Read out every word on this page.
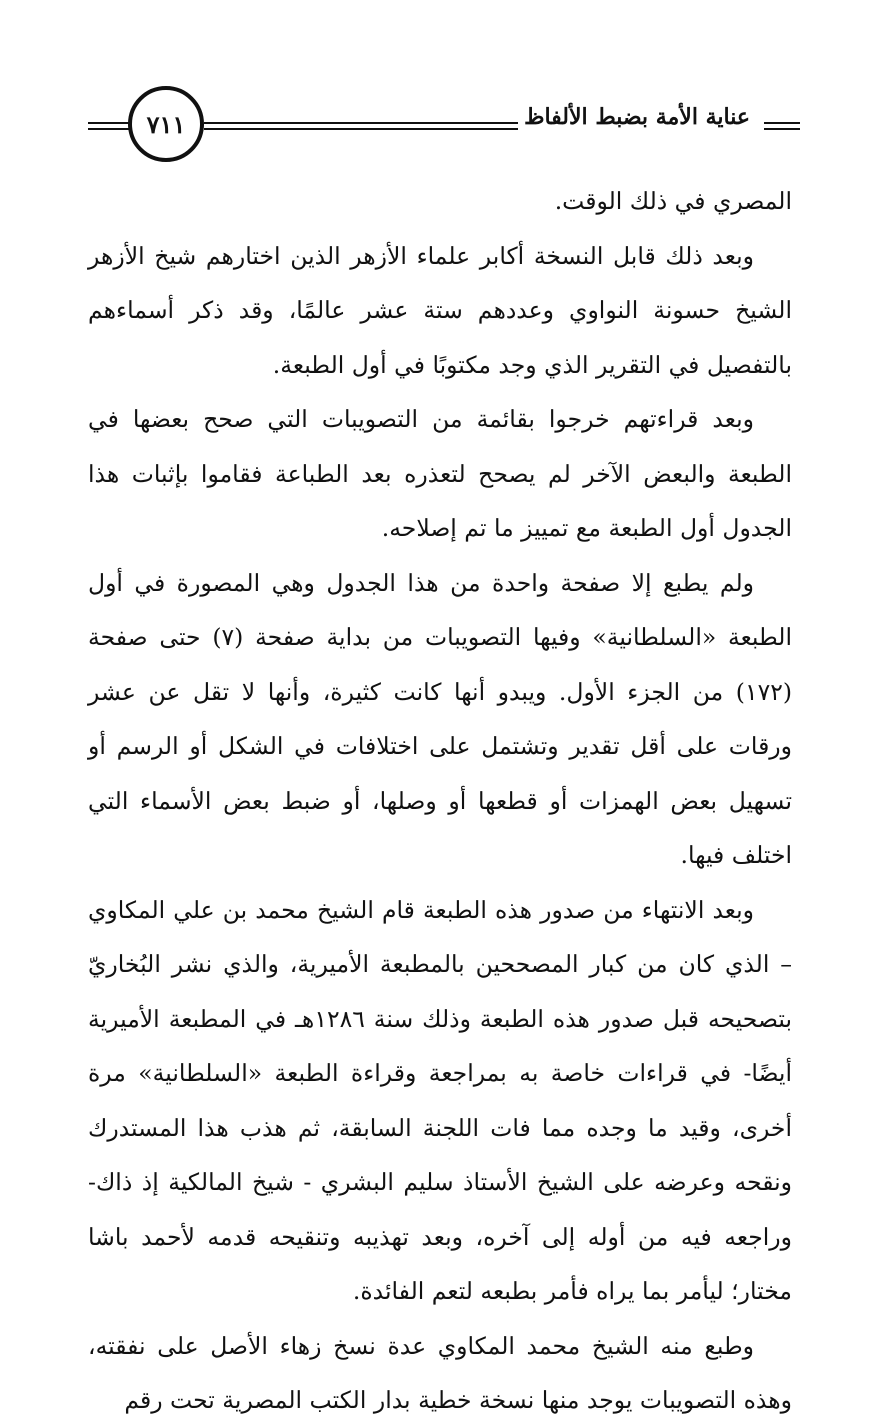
٧١١	عناية الأمة بضبط الألفاظ

المصري في ذلك الوقت.

وبعد ذلك قابل النسخة أكابر علماء الأزهر الذين اختارهم شيخ الأزهر الشيخ حسونة النواوي وعددهم ستة عشر عالمًا، وقد ذكر أسماءهم بالتفصيل في التقرير الذي وجد مكتوبًا في أول الطبعة.

وبعد قراءتهم خرجوا بقائمة من التصويبات التي صحح بعضها في الطبعة والبعض الآخر لم يصحح لتعذره بعد الطباعة فقاموا بإثبات هذا الجدول أول الطبعة مع تمييز ما تم إصلاحه.

ولم يطبع إلا صفحة واحدة من هذا الجدول وهي المصورة في أول الطبعة «السلطانية» وفيها التصويبات من بداية صفحة (٧) حتى صفحة (١٧٢) من الجزء الأول. ويبدو أنها كانت كثيرة، وأنها لا تقل عن عشر ورقات على أقل تقدير وتشتمل على اختلافات في الشكل أو الرسم أو تسهيل بعض الهمزات أو قطعها أو وصلها، أو ضبط بعض الأسماء التي اختلف فيها.

وبعد الانتهاء من صدور هذه الطبعة قام الشيخ محمد بن علي المكاوي – الذي كان من كبار المصححين بالمطبعة الأميرية، والذي نشر البُخاريّ بتصحيحه قبل صدور هذه الطبعة وذلك سنة ١٢٨٦هـ في المطبعة الأميرية أيضًا- في قراءات خاصة به بمراجعة وقراءة الطبعة «السلطانية» مرة أخرى، وقيد ما وجده مما فات اللجنة السابقة، ثم هذب هذا المستدرك ونقحه وعرضه على الشيخ الأستاذ سليم البشري - شيخ المالكية إذ ذاك- وراجعه فيه من أوله إلى آخره، وبعد تهذيبه وتنقيحه قدمه لأحمد باشا مختار؛ ليأمر بما يراه فأمر بطبعه لتعم الفائدة.

وطبع منه الشيخ محمد المكاوي عدة نسخ زهاء الأصل على نفقته، وهذه التصويبات يوجد منها نسخة خطية بدار الكتب المصرية تحت رقم
